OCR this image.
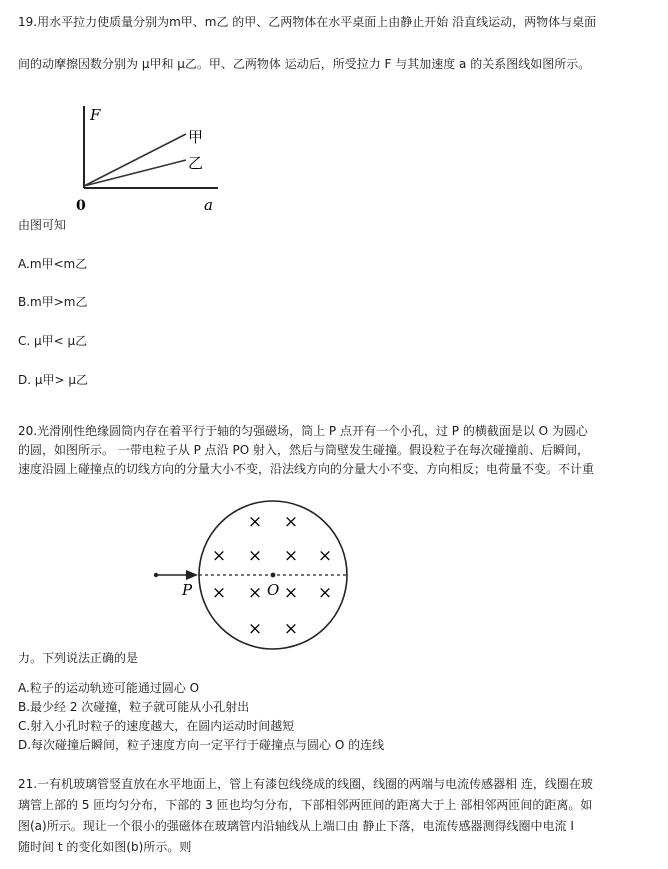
19.用水平拉力使质量分别为m甲、m乙 的甲、乙两物体在水平桌面上由静止开始 沿直线运动，两物体与桌面
间的动摩擦因数分别为 μ甲和 μ乙。甲、乙两物体 运动后，所受拉力 F 与其加速度 a 的关系图线如图所示。
F
a
0
甲
乙
由图可知
A.m甲<m乙
B.m甲>m乙
C. μ甲< μ乙
D. μ甲> μ乙
20.光滑刚性绝缘圆筒内存在着平行于轴的匀强磁场，筒上 P 点开有一个小孔，过 P 的横截面是以 O 为圆心
的圆，如图所示。 一带电粒子从 P 点沿 PO 射入，然后与筒壁发生碰撞。假设粒子在每次碰撞前、后瞬间，
速度沿圆上碰撞点的切线方向的分量大小不变，沿法线方向的分量大小不变、方向相反；电荷量不变。不计重
P	O
× ×
× × × ×
× × × ×
× ×
力。下列说法正确的是
A.粒子的运动轨迹可能通过圆心 O
B.最少经 2 次碰撞，粒子就可能从小孔射出
C.射入小孔时粒子的速度越大，在圆内运动时间越短
D.每次碰撞后瞬间，粒子速度方向一定平行于碰撞点与圆心 O 的连线
21.一有机玻璃管竖直放在水平地面上，管上有漆包线绕成的线圈，线圈的两端与电流传感器相 连，线圈在玻
璃管上部的 5 匝均匀分布，下部的 3 匝也均匀分布，下部相邻两匝间的距离大于上 部相邻两匝间的距离。如
图(a)所示。现让一个很小的强磁体在玻璃管内沿轴线从上端口由 静止下落，电流传感器测得线圈中电流 I
随时间 t 的变化如图(b)所示。则
